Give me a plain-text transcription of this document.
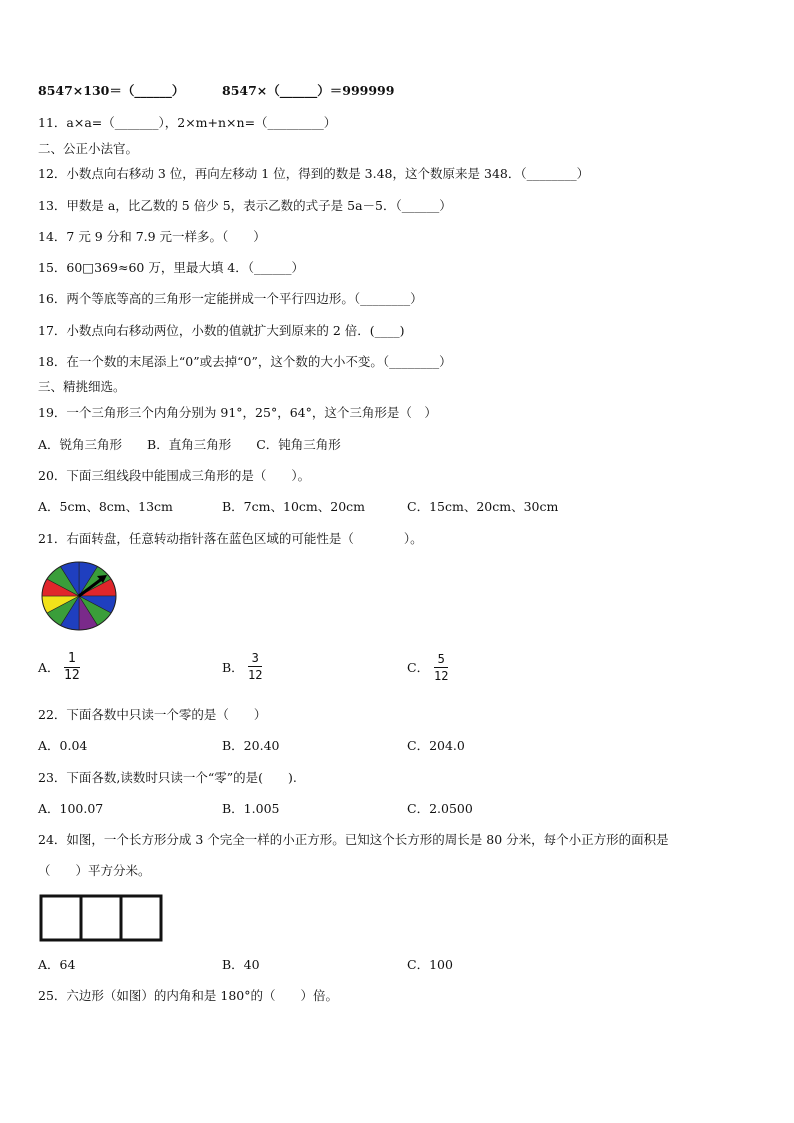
8547×130＝（______）	8547×（______）＝999999
11．a×a=（_______），2×m+n×n=（_________）
二、公正小法官。
12．小数点向右移动 3 位，再向左移动 1 位，得到的数是 3.48，这个数原来是 348．（________）
13．甲数是 a，比乙数的 5 倍少 5，表示乙数的式子是 5a－5．（______）
14．7 元 9 分和 7.9 元一样多。（　　）
15．60□369≈60 万，里最大填 4．（______）
16．两个等底等高的三角形一定能拼成一个平行四边形。（________）
17．小数点向右移动两位，小数的值就扩大到原来的 2 倍．(____)
18．在一个数的末尾添上“0”或去掉“0”，这个数的大小不变。（________）
三、精挑细选。
19．一个三角形三个内角分别为 91°，25°，64°，这个三角形是（　）
A．锐角三角形　　B．直角三角形　　C．钝角三角形
20．下面三组线段中能围成三角形的是（　　）。
A．5cm、8cm、13cm	B．7cm、10cm、20cm	C．15cm、20cm、30cm
21．右面转盘，任意转动指针落在蓝色区域的可能性是（　　　　）。
A．
1
12
B．
3
12	C．
5
12
22．下面各数中只读一个零的是（　　）
A．0.04	B．20.40	C．204.0
23．下面各数,读数时只读一个“零”的是(　　).
A．100.07	B．1.005	C．2.0500
24．如图，一个长方形分成 3 个完全一样的小正方形。已知这个长方形的周长是 80 分米，每个小正方形的面积是
（　　）平方分米。
A．64	B．40	C．100
25．六边形（如图）的内角和是 180°的（　　）倍。
